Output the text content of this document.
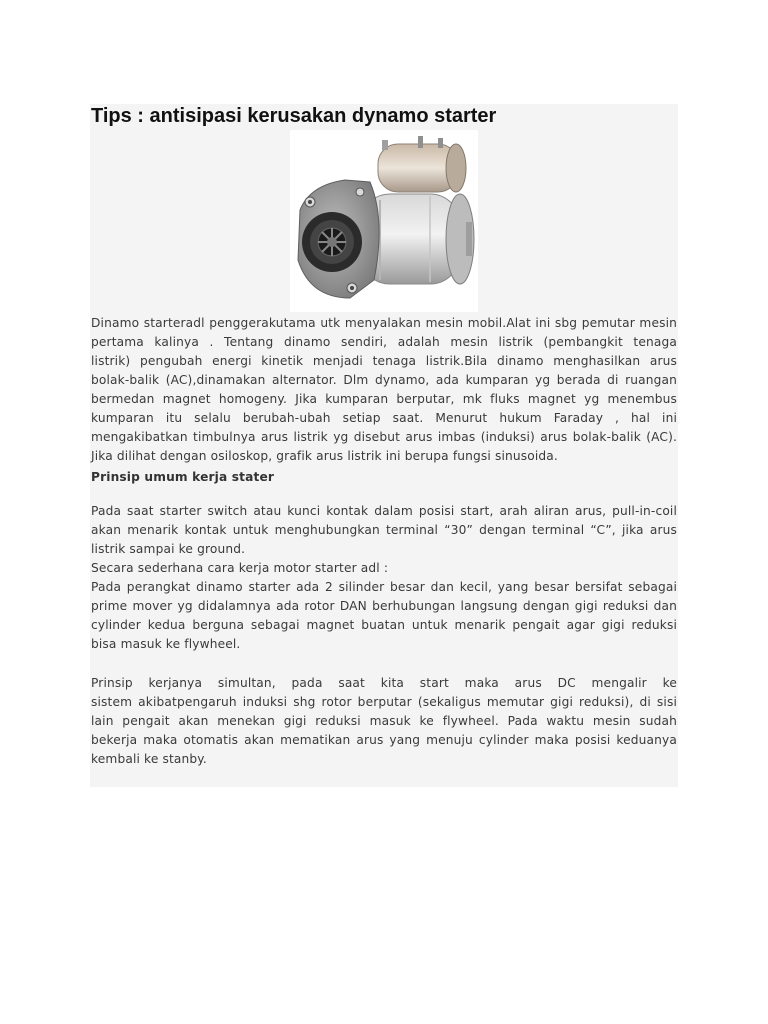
Tips : antisipasi kerusakan dynamo starter
Dinamo starteradl penggerakutama utk menyalakan mesin mobil.Alat ini sbg pemutar mesin
pertama kalinya . Tentang dinamo sendiri, adalah mesin listrik (pembangkit tenaga
listrik) pengubah energi kinetik menjadi tenaga listrik.Bila dinamo menghasilkan arus
bolak-balik (AC),dinamakan alternator. Dlm dynamo, ada kumparan yg berada di ruangan
bermedan magnet homogeny. Jika kumparan berputar, mk fluks magnet yg menembus
kumparan itu selalu berubah-ubah setiap saat. Menurut hukum Faraday , hal ini
mengakibatkan timbulnya arus listrik yg disebut arus imbas (induksi) arus bolak-balik (AC).
Jika dilihat dengan osiloskop, grafik arus listrik ini berupa fungsi sinusoida.
Prinsip umum kerja stater
Pada saat starter switch atau kunci kontak dalam posisi start, arah aliran arus, pull-in-coil
akan menarik kontak untuk menghubungkan terminal “30” dengan terminal “C”, jika arus
listrik sampai ke ground.
Secara sederhana cara kerja motor starter adl :
Pada perangkat dinamo starter ada 2 silinder besar dan kecil, yang besar bersifat sebagai
prime mover yg didalamnya ada rotor DAN berhubungan langsung dengan gigi reduksi dan
cylinder kedua berguna sebagai magnet buatan untuk menarik pengait agar gigi reduksi
bisa masuk ke flywheel.
Prinsip kerjanya simultan, pada saat kita start maka arus DC mengalir ke
sistem akibatpengaruh induksi shg rotor berputar (sekaligus memutar gigi reduksi), di sisi
lain pengait akan menekan gigi reduksi masuk ke flywheel. Pada waktu mesin sudah
bekerja maka otomatis akan mematikan arus yang menuju cylinder maka posisi keduanya
kembali ke stanby.
